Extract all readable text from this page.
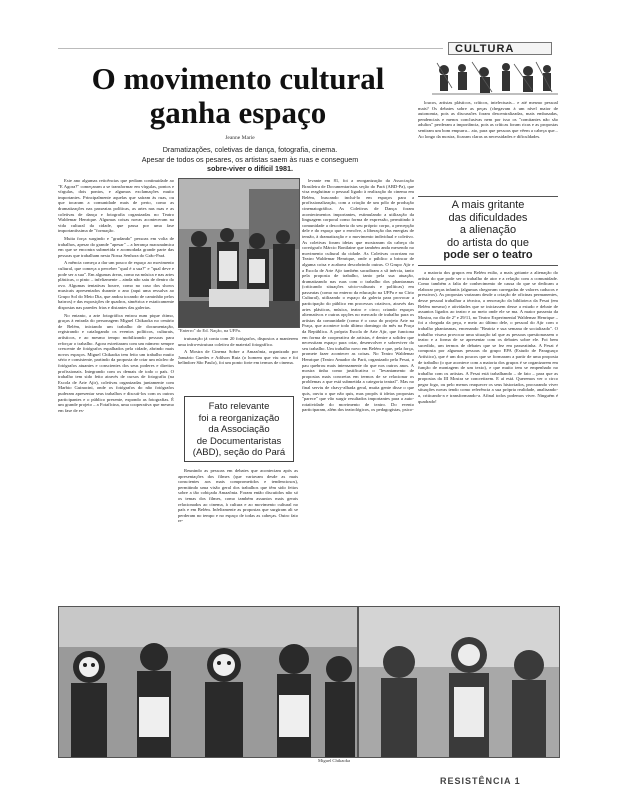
CULTURA
O movimento cultural
ganha espaço
Jeanne Marie
Dramatizações, coletivas de dança, fotografia, cinema.
Apesar de todos os pesares, os artistas saem às ruas e conseguem
sobre-viver o difícil 1981.

loucos, artistas plásticos, críticos, intelectuais... e até mesmo pessoal mais? Os debates sobre as peças (chegavam à um nível maior de autonomia, pois as discussões foram descentralizadas, mais embasadas, pendenciais e menos conclusivas nem por isso os "comitantes não são adultos" perderam a importância, pois as críticas foram ricas e as propostas sentiram um bom empurra... ato, para que pessoas que vêem a cabeça que... Ao longo da mostra, ficaram claras as necessidades e dificuldades.

A mais gritante
das dificuldades
a alienação
do artista do que
pode ser o teatro

a maioria dos grupos em Belém estão, a mais gritante a alienação do artista do que pode ser o trabalho de ator e a relação com a comunidade. Como também a falta de conhecimento de causa do que se dedicam a elaborar peças infantis (algumas chegavam carregadas de valores caducos e pressivos). As propostas variaram desde a criação de oficinas permanentes, desse pessoal trabalhar a técnica, a renovação da biblioteca da Fesat (em Belém mesmo) e atividades que se iniciassem desse a estudo e debate de assuntos ligados ao teatro e ao meio onde ele se ma. A maior passeata da Mostra, no dia de 2º e 29/11, no Teatro Experimental Waldemar Henrique – foi a chegada da peça, e meio ao último dele, o pessoal do Ajir com o trabalho phantasmas, encenando "Beatriz e sua semana de socializado". O trabalho visava provocar uma situação tal que as pessoas questionassem o teatro e a forma de se apresentar com os debates sobre ele. Foi bem sucedido, um termos de debates que se fez em passeatinha. A Fesat é composta por algumas pessoas do grupo EPA (Estudo de Paraguaço Artístico), que é um dos poucos que se formaram a partir de uma proposta de trabalho (o que acontece com a maioria dos grupos é se organizarem em função de montagem de um texto), e que muito tem se empenhado no trabalho com os artistas. A Fesat está trabalhando – de fato – para que as propostas da III Mostra se concretizem. E aí está. Queremos ver o circo pegar fogo, ou pelo menos reaquecer os seus historiados, procurando viver situações novas tendo como referência a sua própria realidade, analisando-a, criticando-a e transformando-a. Afinal todos podemos viver. Ninguém é quadrado!

Este ano algumas reticências que pediam continuidade ao "E Agora?" começaram a se transformar em vírgulas, pontos e vírgulas, dois pontos, e algumas exclamações muito importantes. Principalmente aquelas que saíram às ruas, ou que tocaram a comunidade mais de perto, como as dramatizações nas passeatas políticas, as artes nas ruas e as coletivas de dança e fotografia organizadas no Teatro Waldemar Henrique. Algumas coisas novas aconteceram na vida cultural da cidade, que passa por uma fase importantíssima de "formação.

Muita força surgindo e "grudando" pessoas em volta de trabalhos, apesar do grande "apesar" – a herança macunaímica em que se encontra submetida e acomodada grande parte das pessoas que trabalham nesta Nossa Senhora do Grão-Pará.

A mência começa a dar um pouco de espaço ao movimento cultural, que começa a perceber "qual é a sua?" e "qual deve e pode ser a sua". Em algumas áreas, como na música e nas artes plásticas, o pinto – infelizmente – ainda não saiu de dentro do ovo. Algumas tentativas houve, como no caso dos shows musicais apresentados durante o ano (aqui uma ressalva ao Grupo Sol do Meio Dia, que andou tocando de caminhão pelos bairros) e das exposições de quadros, simétrica e estaticamente dispostas nas paredes frias e distantes das galerias.

No entanto, a arte fotográfica entrou num pique ótimo, graças à entrada do personagem Miguel Chikaoka no cenário de Belém, iniciando um trabalho de documentação, registrando e catalogando os eventos políticos, culturais, artísticos, e ao mesmo tempo mobilizando pessoas para reforçar o trabalho. Agora estreitaram com um número sempre crescente de fotógrafos espalhados pela cidade, abrindo mais novos espaços. Miguel Chikaoka tem feito um trabalho muito sério e consistente, partindo da proposta de criar um núcleo de fotógrafos atuantes e conscientes dos seus poderes e direitos profissionais. Integrando com os demais de todo o país. O trabalho tem sido feito através de cursos de fotografia (na Escola de Arte Ajir), coletivas organizadas juntamente com Marbio Guinacini, onde os fotógrafos do não fotógrafos puderam apresentar seus trabalhos e discuti-los com os outros participantes e o público presente, expondo as fotografias. É um grande projeto – a Fotafícina, uma cooperativa que mesmo em fase de es-

"Enterro" do Ed. Nação, na UFPa.

truturação já conta com 20 fotógrafos, dispostos a manterem uma infra-estrutura coletiva de material fotográfico.

A Mostra de Cinema Sobre a Amazônia, organizado por Januário Guedes e Adilson Ruiz (o homem que viu uso e foi belíndoer São Paulo), foi um ponto forte em termos de cinema.

Fato relevante
foi a reorganização
da Associação
de Documentaristas
(ABD), seção do Pará

Reunindo as pessoas em debates que aconteciam após as apresentações dos filmes (que variavam desde as mais conscientes aos mais comprometidos e tendenciosos), permitindo uma visão geral dos trabalhos que têm sido feitos sobre a tão cobiçada Amazônia. Foram então discutidos não só os temas dos filmes, como também assuntos mais gerais relacionados ao cinema, à cultura e ao movimento cultural no país e em Belém. Infelizmente as propostas que surgiram ali se perderam no tempo e no espaço de todas as cabeças. Outro fato re-

levante em 81, foi a reorganização da Associação Brasileira de Documentaristas seção do Pará (ABD-Pa), que visa reaglutinar o pessoal ligado à realização do cinema em Belém, buscando incluí-lo em espaços para a profissionalização, com a criação de um pólo de produção cinematográfica. As Coletivas de Dança foram acontecimentos importantes, estimulando a utilização da linguagem corporal como forma de expressão, permitindo à comunidade a descoberta do seu próprio corpo, a percepção dele e do espaço que o envolve, a liberação das energias de tensão, à dramatização e o movimento individual e coletivo. As coletivas foram ideias que mostraram da cabeça do coreógrafo Márcio Bonilaine que também anda mexendo no movimento cultural da cidade. As Coletivas ocorriam no Teatro Waldemar Henrique, onde o público a brincar de alguma coisa e acabava descobrindo outras. O Grupo Ajir e a Escola de Arte Ajir também sacudiram a sã inércia, tanto pela proposta de trabalho, tanto pela sua atuação, dramatizando nas ruas com o trabalho dos phantasmas (criticando situações sócio-culturais e políticas) em passeatas (como no enterro da educação na UFPa e no Círio Cultural), utilizando o espaço da galeria para provocar a participação do público em processos criativos, através das artes plásticas, música, teatro e circo; criando espaços alternativos e outras opções no mercado de trabalho para os artistas da comunidade (como é o caso do projeto Arte na Praça, que acontece todo último domingo do mês na Praça da República. A própria Escola de Arte Ajir, que funciona em forma de cooperativa de artistas, é dentre a solidez que necessitam espaço para criar, desenvolver e sobreviver do seu trabalho. Um trabalho novo em Belém e que, pela força, promete fazer acontecer as coisas. No Teatro Waldemar Henrique (Teatro Amador do Pará, organizado pela Fesat, o pau quebrou mais intensamente do que nos outros anos. A mostra tinha como justificativa o "levantamento de propostas mais concretas em termos de se relacionar os problemas a que está submetida a categoria teatral". Mas no final serviu de chavy-alhada geral, muita gente disse o que quis, ouviu o que não quis, mas propôs ti ideias propostas "parece" que vão surgir resultados importantes para a auto-rotatividade do movimento de teatro. Do evento participaram, além dos teatrológicos, os pedagogistas, psico-

Miguel Chikaoka
RESISTÊNCIA 1
